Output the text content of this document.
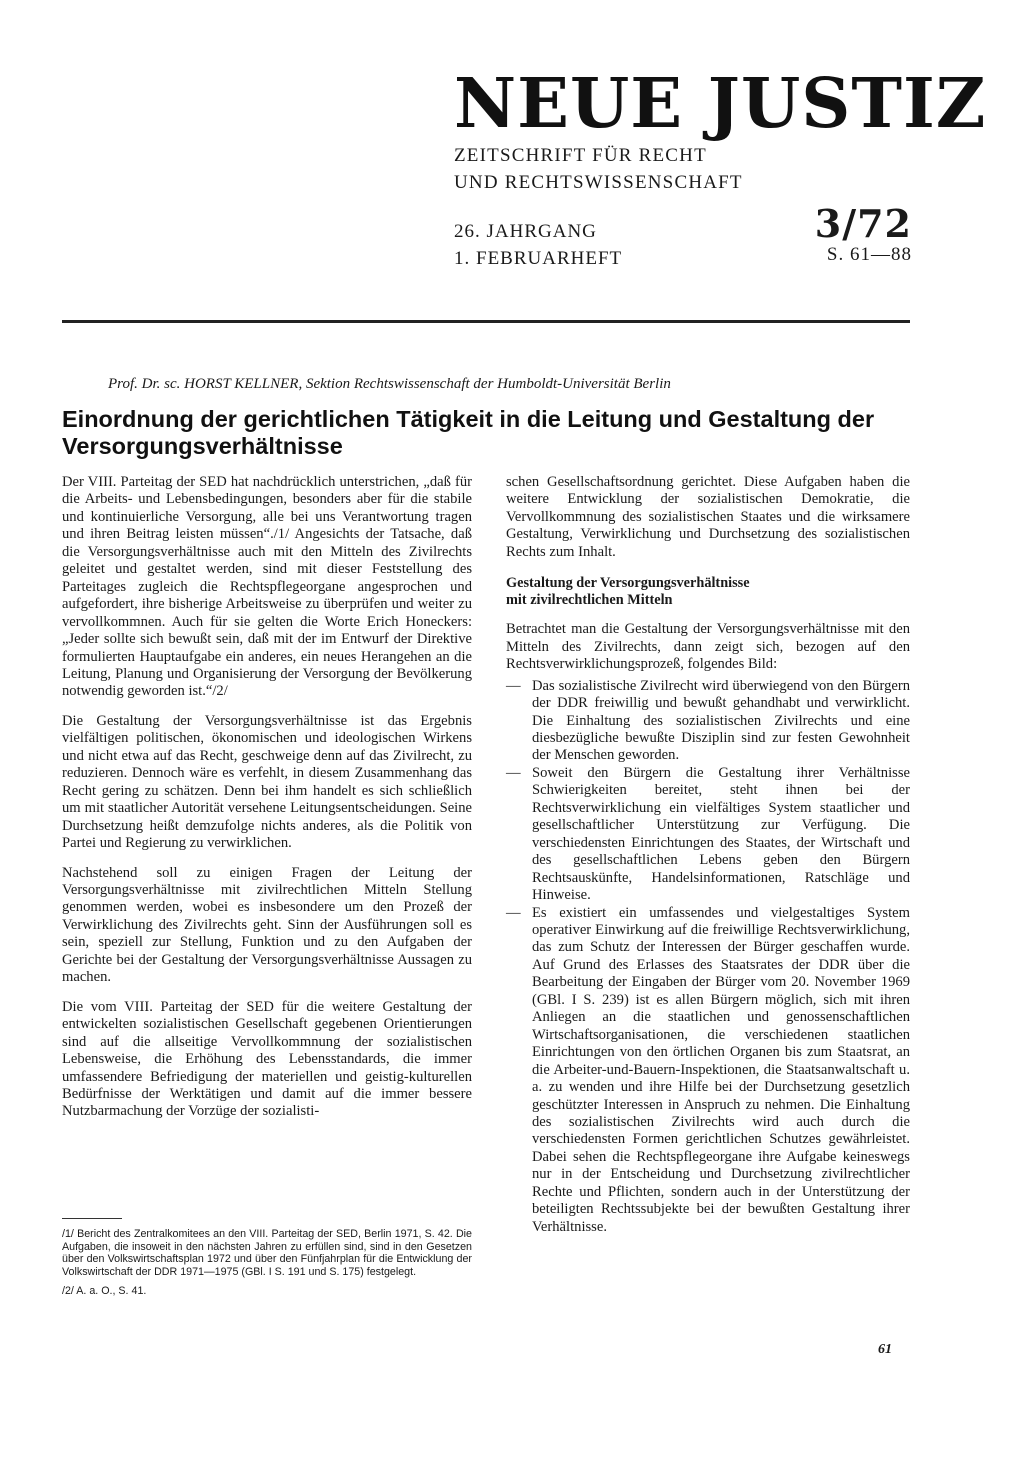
NEUE JUSTIZ
ZEITSCHRIFT FÜR RECHT
UND RECHTSWISSENSCHAFT
26. JAHRGANG
1. FEBRUARHEFT
3/72
S. 61—88
Prof. Dr. sc. HORST KELLNER, Sektion Rechtswissenschaft der Humboldt-Universität Berlin
Einordnung der gerichtlichen Tätigkeit in die Leitung und Gestaltung der Versorgungsverhältnisse

Der VIII. Parteitag der SED hat nachdrücklich unterstrichen, „daß für die Arbeits- und Lebensbedingungen, besonders aber für die stabile und kontinuierliche Versorgung, alle bei uns Verantwortung tragen und ihren Beitrag leisten müssen“./1/ Angesichts der Tatsache, daß die Versorgungsverhältnisse auch mit den Mitteln des Zivilrechts geleitet und gestaltet werden, sind mit dieser Feststellung des Parteitages zugleich die Rechtspflegeorgane angesprochen und aufgefordert, ihre bisherige Arbeitsweise zu überprüfen und weiter zu vervollkommnen. Auch für sie gelten die Worte Erich Honeckers: „Jeder sollte sich bewußt sein, daß mit der im Entwurf der Direktive formulierten Hauptaufgabe ein anderes, ein neues Herangehen an die Leitung, Planung und Organisierung der Versorgung der Bevölkerung notwendig geworden ist.“/2/

Die Gestaltung der Versorgungsverhältnisse ist das Ergebnis vielfältigen politischen, ökonomischen und ideologischen Wirkens und nicht etwa auf das Recht, geschweige denn auf das Zivilrecht, zu reduzieren. Dennoch wäre es verfehlt, in diesem Zusammenhang das Recht gering zu schätzen. Denn bei ihm handelt es sich schließlich um mit staatlicher Autorität versehene Leitungsentscheidungen. Seine Durchsetzung heißt demzufolge nichts anderes, als die Politik von Partei und Regierung zu verwirklichen.

Nachstehend soll zu einigen Fragen der Leitung der Versorgungsverhältnisse mit zivilrechtlichen Mitteln Stellung genommen werden, wobei es insbesondere um den Prozeß der Verwirklichung des Zivilrechts geht. Sinn der Ausführungen soll es sein, speziell zur Stellung, Funktion und zu den Aufgaben der Gerichte bei der Gestaltung der Versorgungsverhältnisse Aussagen zu machen.

Die vom VIII. Parteitag der SED für die weitere Gestaltung der entwickelten sozialistischen Gesellschaft gegebenen Orientierungen sind auf die allseitige Vervollkommnung der sozialistischen Lebensweise, die Erhöhung des Lebensstandards, die immer umfassendere Befriedigung der materiellen und geistig-kulturellen Bedürfnisse der Werktätigen und damit auf die immer bessere Nutzbarmachung der Vorzüge der sozialisti-

/1/ Bericht des Zentralkomitees an den VIII. Parteitag der SED, Berlin 1971, S. 42. Die Aufgaben, die insoweit in den nächsten Jahren zu erfüllen sind, sind in den Gesetzen über den Volkswirtschaftsplan 1972 und über den Fünfjahrplan für die Entwicklung der Volkswirtschaft der DDR 1971—1975 (GBl. I S. 191 und S. 175) festgelegt.

/2/ A. a. O., S. 41.

schen Gesellschaftsordnung gerichtet. Diese Aufgaben haben die weitere Entwicklung der sozialistischen Demokratie, die Vervollkommnung des sozialistischen Staates und die wirksamere Gestaltung, Verwirklichung und Durchsetzung des sozialistischen Rechts zum Inhalt.

Gestaltung der Versorgungsverhältnisse
mit zivilrechtlichen Mitteln

Betrachtet man die Gestaltung der Versorgungsverhältnisse mit den Mitteln des Zivilrechts, dann zeigt sich, bezogen auf den Rechtsverwirklichungsprozeß, folgendes Bild:

— Das sozialistische Zivilrecht wird überwiegend von den Bürgern der DDR freiwillig und bewußt gehandhabt und verwirklicht. Die Einhaltung des sozialistischen Zivilrechts und eine diesbezügliche bewußte Disziplin sind zur festen Gewohnheit der Menschen geworden.
— Soweit den Bürgern die Gestaltung ihrer Verhältnisse Schwierigkeiten bereitet, steht ihnen bei der Rechtsverwirklichung ein vielfältiges System staatlicher und gesellschaftlicher Unterstützung zur Verfügung. Die verschiedensten Einrichtungen des Staates, der Wirtschaft und des gesellschaftlichen Lebens geben den Bürgern Rechtsauskünfte, Handelsinformationen, Ratschläge und Hinweise.
— Es existiert ein umfassendes und vielgestaltiges System operativer Einwirkung auf die freiwillige Rechtsverwirklichung, das zum Schutz der Interessen der Bürger geschaffen wurde. Auf Grund des Erlasses des Staatsrates der DDR über die Bearbeitung der Eingaben der Bürger vom 20. November 1969 (GBl. I S. 239) ist es allen Bürgern möglich, sich mit ihren Anliegen an die staatlichen und genossenschaftlichen Wirtschaftsorganisationen, die verschiedenen staatlichen Einrichtungen von den örtlichen Organen bis zum Staatsrat, an die Arbeiter-und-Bauern-Inspektionen, die Staatsanwaltschaft u. a. zu wenden und ihre Hilfe bei der Durchsetzung gesetzlich geschützter Interessen in Anspruch zu nehmen. Die Einhaltung des sozialistischen Zivilrechts wird auch durch die verschiedensten Formen gerichtlichen Schutzes gewährleistet. Dabei sehen die Rechtspflegeorgane ihre Aufgabe keineswegs nur in der Entscheidung und Durchsetzung zivilrechtlicher Rechte und Pflichten, sondern auch in der Unterstützung der beteiligten Rechtssubjekte bei der bewußten Gestaltung ihrer Verhältnisse.
61
